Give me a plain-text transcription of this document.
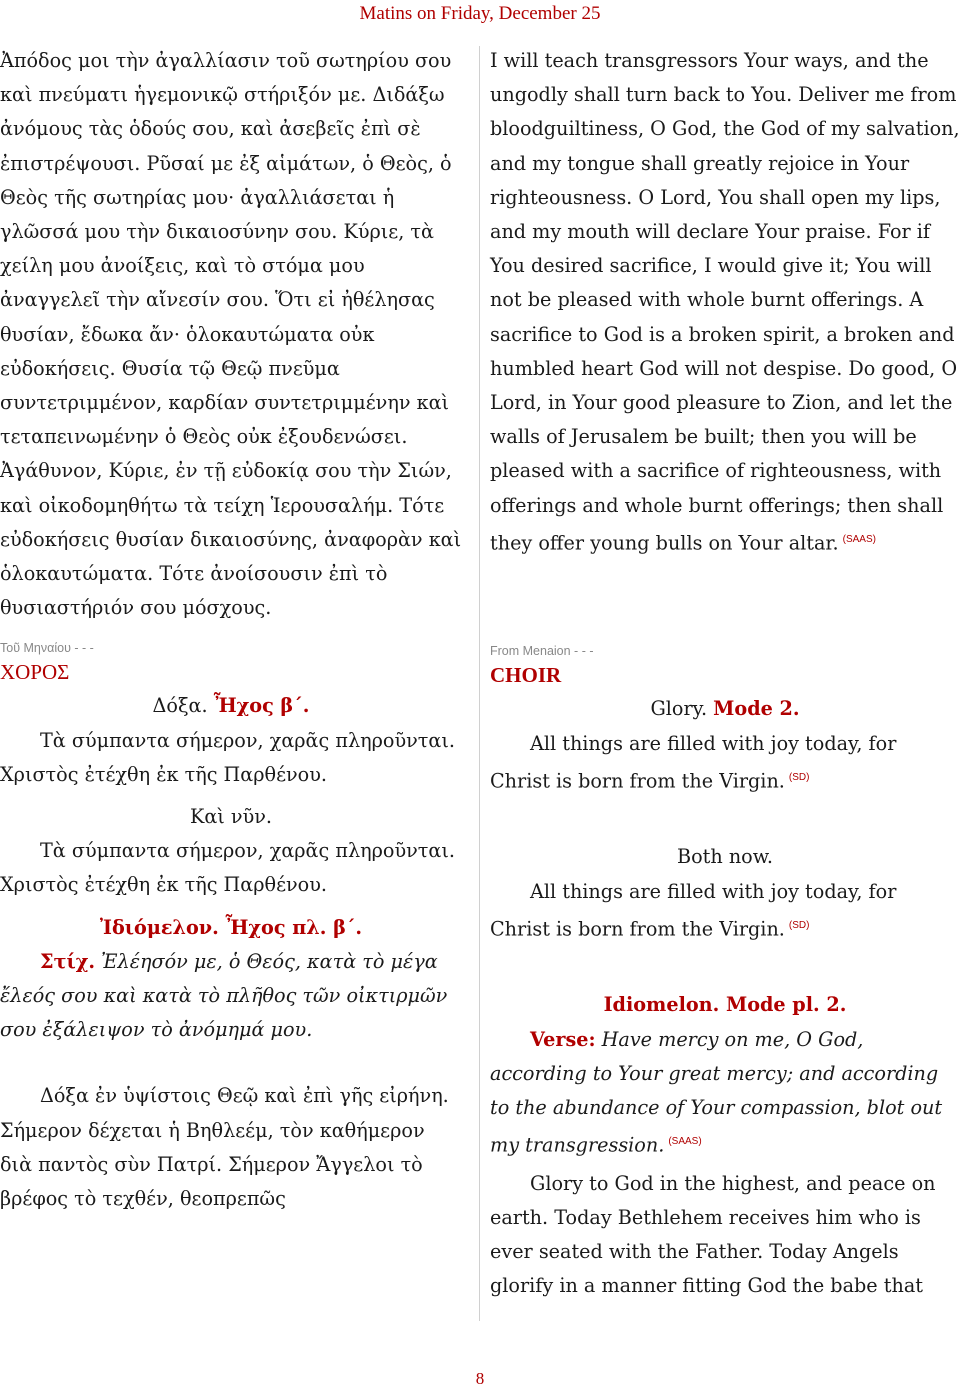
Matins on Friday, December 25

Ἀπόδος μοι τὴν ἀγαλλίασιν τοῦ σωτηρίου σου καὶ πνεύματι ἡγεμονικῷ στήριξόν με. Διδάξω ἀνόμους τὰς ὁδούς σου, καὶ ἀσεβεῖς ἐπὶ σὲ ἐπιστρέψουσι. Ρῦσαί με ἐξ αἱμάτων, ὁ Θεὸς, ὁ Θεὸς τῆς σωτηρίας μου· ἀγαλλιάσεται ἡ γλῶσσά μου τὴν δικαιοσύνην σου. Κύριε, τὰ χείλη μου ἀνοίξεις, καὶ τὸ στόμα μου ἀναγγελεῖ τὴν αἴνεσίν σου. Ὅτι εἰ ἠθέλησας θυσίαν, ἔδωκα ἄν· ὁλοκαυτώματα οὐκ εὐδοκήσεις. Θυσία τῷ Θεῷ πνεῦμα συντετριμμένον, καρδίαν συντετριμμένην καὶ τεταπεινωμένην ὁ Θεὸς οὐκ ἐξουδενώσει. Ἀγάθυνον, Κύριε, ἐν τῇ εὐδοκίᾳ σου τὴν Σιών, καὶ οἰκοδομηθήτω τὰ τείχη Ἱερουσαλήμ. Τότε εὐδοκήσεις θυσίαν δικαιοσύνης, ἀναφορὰν καὶ ὁλοκαυτώματα. Τότε ἀνοίσουσιν ἐπὶ τὸ θυσιαστήριόν σου μόσχους.

Τοῦ Μηναίου - - -
ΧΟΡΟΣ
Δόξα. Ἦχος β΄.

Τὰ σύμπαντα σήμερον, χαρᾶς πληροῦνται. Χριστὸς ἐτέχθη ἐκ τῆς Παρθένου.

Καὶ νῦν.

Τὰ σύμπαντα σήμερον, χαρᾶς πληροῦνται. Χριστὸς ἐτέχθη ἐκ τῆς Παρθένου.

Ἰδιόμελον. Ἦχος πλ. β΄.

Στίχ. Ἐλέησόν με, ὁ Θεός, κατὰ τὸ μέγα ἔλεός σου καὶ κατὰ τὸ πλῆθος τῶν οἰκτιρμῶν σου ἐξάλειψον τὸ ἀνόμημά μου.

Δόξα ἐν ὑψίστοις Θεῷ καὶ ἐπὶ γῆς εἰρήνη. Σήμερον δέχεται ἡ Βηθλεέμ, τὸν καθήμερον διὰ παντὸς σὺν Πατρί. Σήμερον Ἄγγελοι τὸ βρέφος τὸ τεχθέν, θεοπρεπῶς

I will teach transgressors Your ways, and the ungodly shall turn back to You. Deliver me from bloodguiltiness, O God, the God of my salvation, and my tongue shall greatly rejoice in Your righteousness. O Lord, You shall open my lips, and my mouth will declare Your praise. For if You desired sacrifice, I would give it; You will not be pleased with whole burnt offerings. A sacrifice to God is a broken spirit, a broken and humbled heart God will not despise. Do good, O Lord, in Your good pleasure to Zion, and let the walls of Jerusalem be built; then you will be pleased with a sacrifice of righteousness, with offerings and whole burnt offerings; then shall they offer young bulls on Your altar. $^{(SAAS)}$

From Menaion - - -
CHOIR
Glory. Mode 2.

All things are filled with joy today, for Christ is born from the Virgin. $^{(SD)}$

Both now.

All things are filled with joy today, for Christ is born from the Virgin. $^{(SD)}$

Idiomelon. Mode pl. 2.

Verse: Have mercy on me, O God, according to Your great mercy; and according to the abundance of Your compassion, blot out my transgression. $^{(SAAS)}$

Glory to God in the highest, and peace on earth. Today Bethlehem receives him who is ever seated with the Father. Today Angels glorify in a manner fitting God the babe that

8
